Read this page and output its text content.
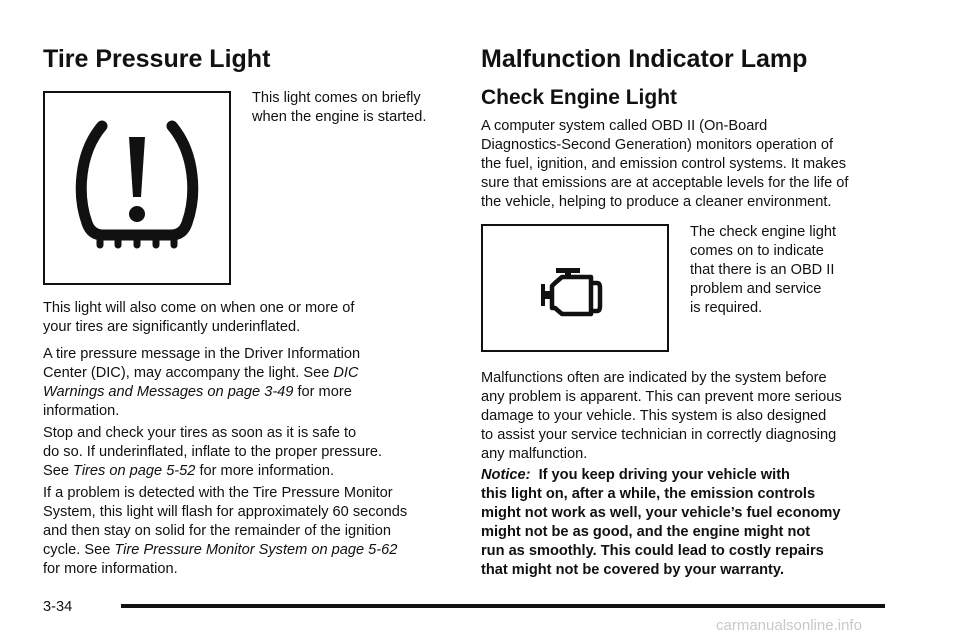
Tire Pressure Light
This light comes on briefly
when the engine is started.
This light will also come on when one or more of
your tires are significantly underinflated.
A tire pressure message in the Driver Information
Center (DIC), may accompany the light. See DIC
Warnings and Messages on page 3-49 for more
information.
Stop and check your tires as soon as it is safe to
do so. If underinflated, inflate to the proper pressure.
See Tires on page 5-52 for more information.
If a problem is detected with the Tire Pressure Monitor
System, this light will flash for approximately 60 seconds
and then stay on solid for the remainder of the ignition
cycle. See Tire Pressure Monitor System on page 5-62
for more information.
Malfunction Indicator Lamp
Check Engine Light
A computer system called OBD II (On-Board
Diagnostics-Second Generation) monitors operation of
the fuel, ignition, and emission control systems. It makes
sure that emissions are at acceptable levels for the life of
the vehicle, helping to produce a cleaner environment.
The check engine light
comes on to indicate
that there is an OBD II
problem and service
is required.
Malfunctions often are indicated by the system before
any problem is apparent. This can prevent more serious
damage to your vehicle. This system is also designed
to assist your service technician in correctly diagnosing
any malfunction.
Notice: If you keep driving your vehicle with
this light on, after a while, the emission controls
might not work as well, your vehicle’s fuel economy
might not be as good, and the engine might not
run as smoothly. This could lead to costly repairs
that might not be covered by your warranty.
3-34
carmanualsonline.info
